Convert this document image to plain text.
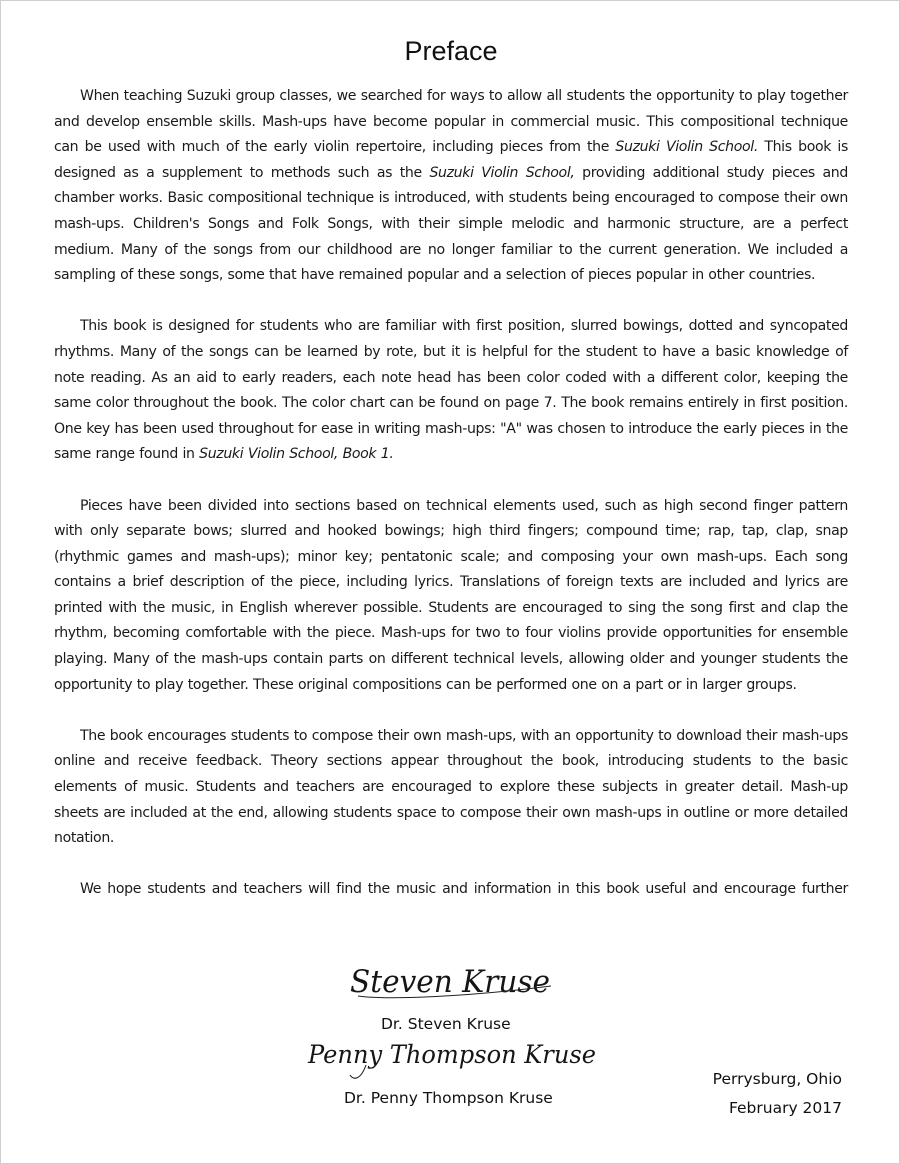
Preface

When teaching Suzuki group classes, we searched for ways to allow all students the opportunity to play together and develop ensemble skills. Mash-ups have become popular in commercial music. This compositional technique can be used with much of the early violin repertoire, including pieces from the Suzuki Violin School. This book is designed as a supplement to methods such as the Suzuki Violin School, providing additional study pieces and chamber works. Basic compositional technique is introduced, with students being encouraged to compose their own mash-ups. Children's Songs and Folk Songs, with their simple melodic and harmonic structure, are a perfect medium. Many of the songs from our childhood are no longer familiar to the current generation. We included a sampling of these songs, some that have remained popular and a selection of pieces popular in other countries.

This book is designed for students who are familiar with first position, slurred bowings, dotted and syncopated rhythms. Many of the songs can be learned by rote, but it is helpful for the student to have a basic knowledge of note reading. As an aid to early readers, each note head has been color coded with a different color, keeping the same color throughout the book. The color chart can be found on page 7. The book remains entirely in first position. One key has been used throughout for ease in writing mash-ups: "A" was chosen to introduce the early pieces in the same range found in Suzuki Violin School, Book 1.

Pieces have been divided into sections based on technical elements used, such as high second finger pattern with only separate bows; slurred and hooked bowings; high third fingers; compound time; rap, tap, clap, snap (rhythmic games and mash-ups); minor key; pentatonic scale; and composing your own mash-ups. Each song contains a brief description of the piece, including lyrics. Translations of foreign texts are included and lyrics are printed with the music, in English wherever possible. Students are encouraged to sing the song first and clap the rhythm, becoming comfortable with the piece. Mash-ups for two to four violins provide opportunities for ensemble playing. Many of the mash-ups contain parts on different technical levels, allowing older and younger students the opportunity to play together. These original compositions can be performed one on a part or in larger groups.

The book encourages students to compose their own mash-ups, with an opportunity to download their mash-ups online and receive feedback. Theory sections appear throughout the book, introducing students to the basic elements of music. Students and teachers are encouraged to explore these subjects in greater detail. Mash-up sheets are included at the end, allowing students space to compose their own mash-ups in outline or more detailed notation.

We hope students and teachers will find the music and information in this book useful and encourage further

Steven Kruse
Dr. Steven Kruse
Penny Thompson Kruse
Dr. Penny Thompson Kruse
Perrysburg, Ohio
February 2017
